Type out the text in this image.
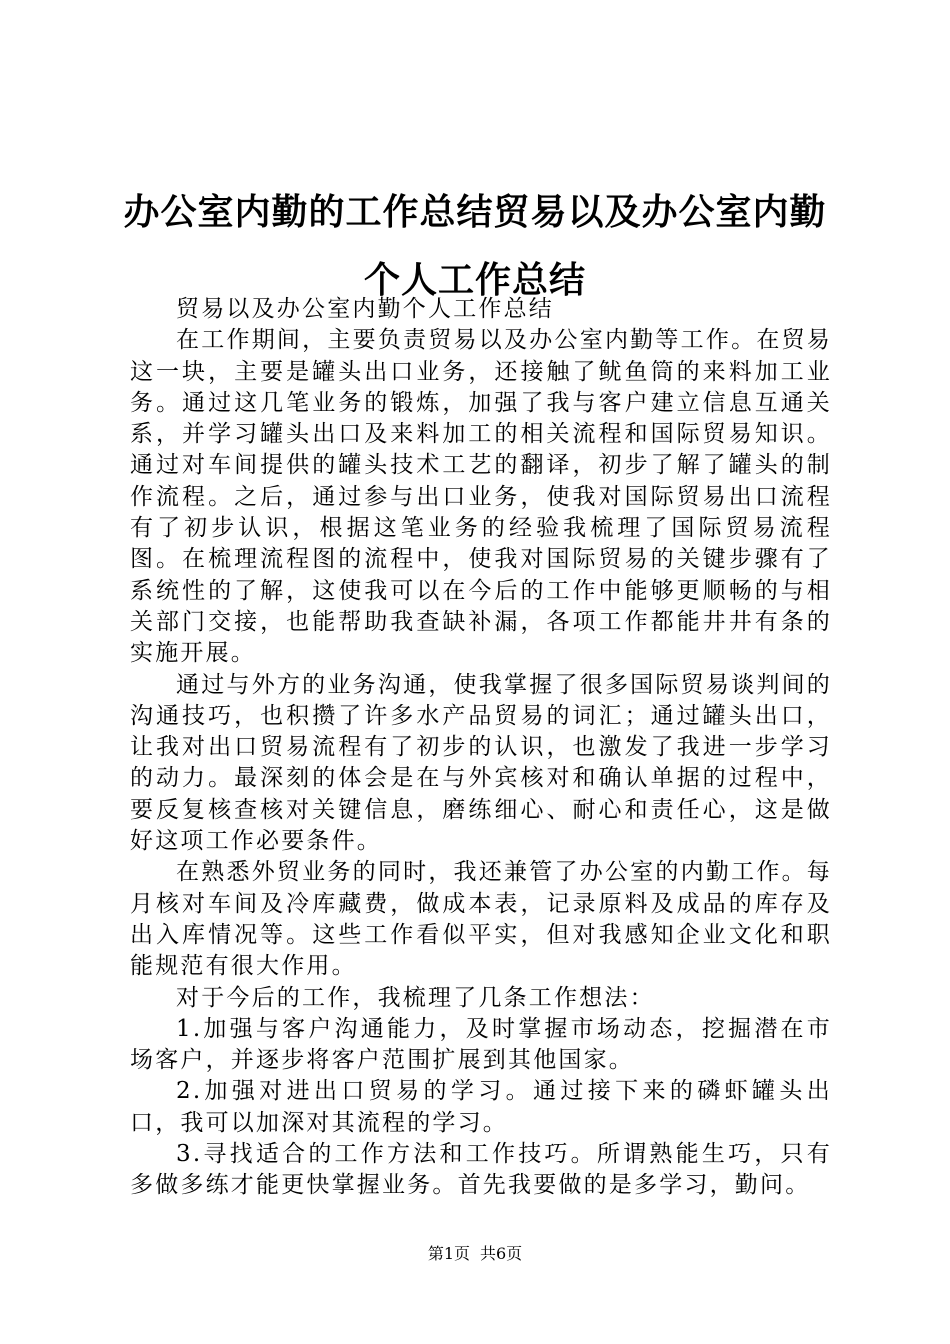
办公室内勤的工作总结贸易以及办公室内勤个人工作总结

贸易以及办公室内勤个人工作总结

在工作期间，主要负责贸易以及办公室内勤等工作。在贸易这一块，主要是罐头出口业务，还接触了鱿鱼筒的来料加工业务。通过这几笔业务的锻炼，加强了我与客户建立信息互通关系，并学习罐头出口及来料加工的相关流程和国际贸易知识。通过对车间提供的罐头技术工艺的翻译，初步了解了罐头的制作流程。之后，通过参与出口业务，使我对国际贸易出口流程有了初步认识，根据这笔业务的经验我梳理了国际贸易流程图。在梳理流程图的流程中，使我对国际贸易的关键步骤有了系统性的了解，这使我可以在今后的工作中能够更顺畅的与相关部门交接，也能帮助我查缺补漏，各项工作都能井井有条的实施开展。

通过与外方的业务沟通，使我掌握了很多国际贸易谈判间的沟通技巧，也积攒了许多水产品贸易的词汇；通过罐头出口，让我对出口贸易流程有了初步的认识，也激发了我进一步学习的动力。最深刻的体会是在与外宾核对和确认单据的过程中，要反复核查核对关键信息，磨练细心、耐心和责任心，这是做好这项工作必要条件。

在熟悉外贸业务的同时，我还兼管了办公室的内勤工作。每月核对车间及冷库藏费，做成本表，记录原料及成品的库存及出入库情况等。这些工作看似平实，但对我感知企业文化和职能规范有很大作用。

对于今后的工作，我梳理了几条工作想法：

1.加强与客户沟通能力，及时掌握市场动态，挖掘潜在市场客户，并逐步将客户范围扩展到其他国家。

2.加强对进出口贸易的学习。通过接下来的磷虾罐头出口，我可以加深对其流程的学习。

3.寻找适合的工作方法和工作技巧。所谓熟能生巧，只有多做多练才能更快掌握业务。首先我要做的是多学习，勤问。

第1页 共6页
